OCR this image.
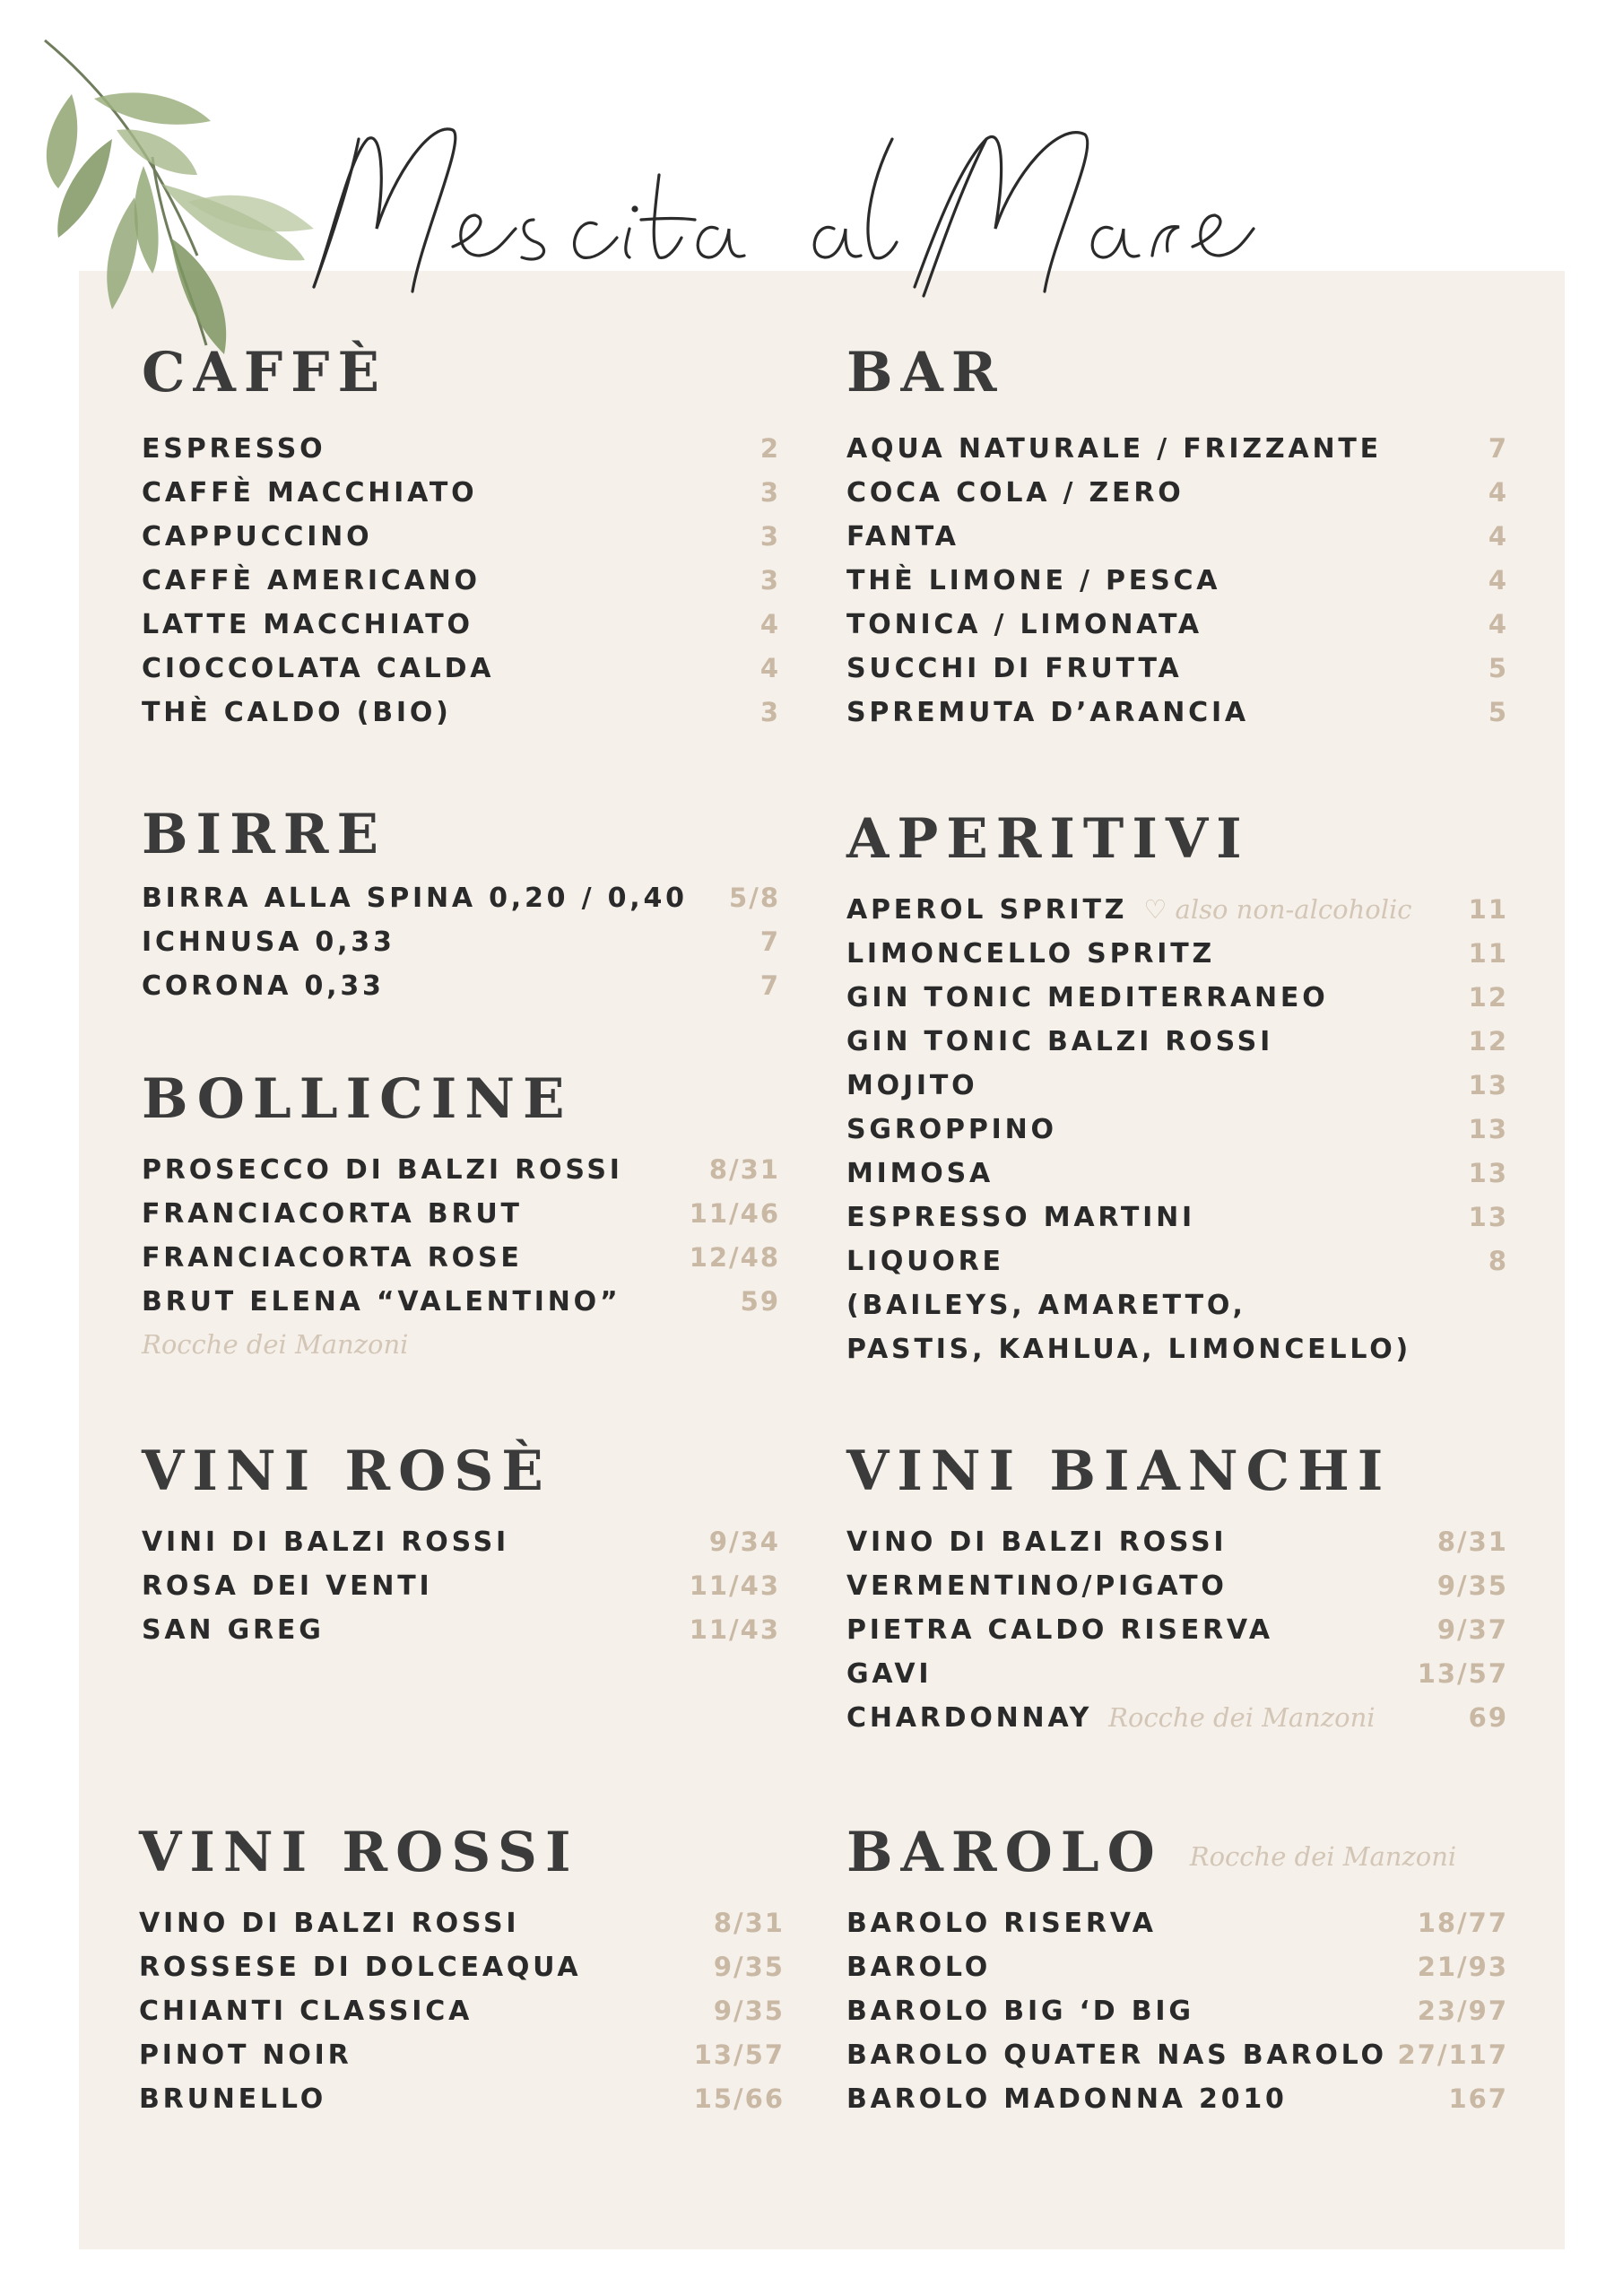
CAFFÈ
ESPRESSO	2
CAFFÈ MACCHIATO	3
CAPPUCCINO	3
CAFFÈ AMERICANO	3
LATTE MACCHIATO	4
CIOCCOLATA CALDA	4
THÈ CALDO (BIO)	3
BAR
AQUA NATURALE / FRIZZANTE	7
COCA COLA / ZERO	4
FANTA	4
THÈ LIMONE / PESCA	4
TONICA / LIMONATA	4
SUCCHI DI FRUTTA	5
SPREMUTA D’ARANCIA	5
BIRRE
BIRRA ALLA SPINA 0,20 / 0,40 5/8
ICHNUSA 0,33	7
CORONA 0,33	7
APERITIVI
APEROL SPRITZ ♡ also non-alcoholic 11
LIMONCELLO SPRITZ	11
GIN TONIC MEDITERRANEO	12
GIN TONIC BALZI ROSSI	12
MOJITO	13
SGROPPINO	13
MIMOSA	13
ESPRESSO MARTINI	13
LIQUORE	8
(BAILEYS, AMARETTO,
PASTIS, KAHLUA, LIMONCELLO)
BOLLICINE
PROSECCO DI BALZI ROSSI	8/31
FRANCIACORTA BRUT	11/46
FRANCIACORTA ROSE	12/48
BRUT ELENA “VALENTINO”	59
Rocche dei Manzoni
VINI ROSÈ
VINI DI BALZI ROSSI	9/34
ROSA DEI VENTI	11/43
SAN GREG	11/43
VINI BIANCHI
VINO DI BALZI ROSSI	8/31
VERMENTINO/PIGATO	9/35
PIETRA CALDO RISERVA	9/37
GAVI	13/57
CHARDONNAY Rocche dei Manzoni	69
VINI ROSSI
VINO DI BALZI ROSSI	8/31
ROSSESE DI DOLCEAQUA	9/35
CHIANTI CLASSICA	9/35
PINOT NOIR	13/57
BRUNELLO	15/66
BAROLO Rocche dei Manzoni
BAROLO RISERVA	18/77
BAROLO	21/93
BAROLO BIG ‘D BIG	23/97
BAROLO QUATER NAS BAROLO 27/117
BAROLO MADONNA 2010	167
